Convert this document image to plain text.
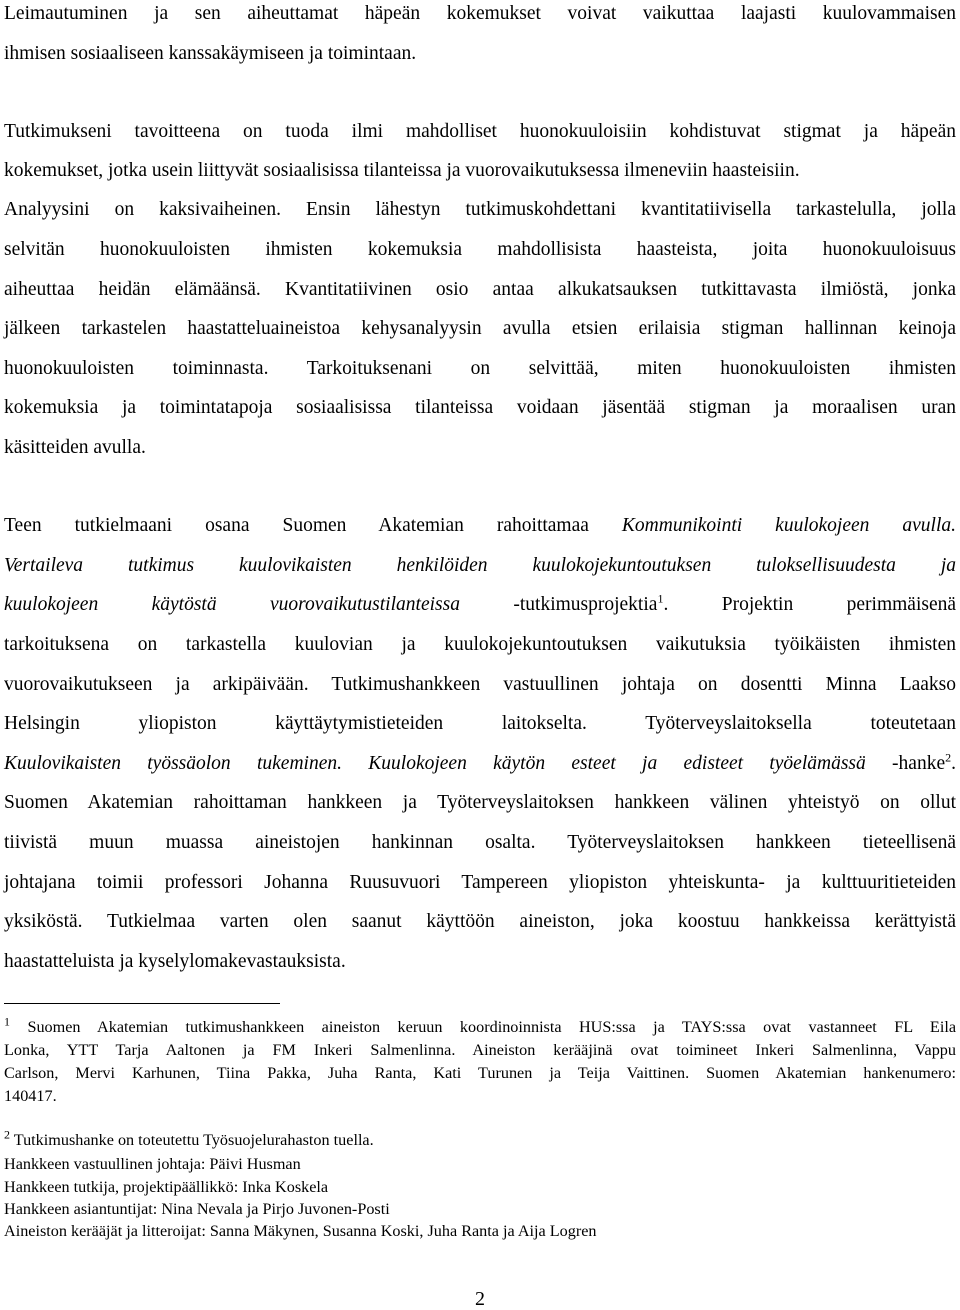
Leimautuminen ja sen aiheuttamat häpeän kokemukset voivat vaikuttaa laajasti kuulovammaisen
ihmisen sosiaaliseen kanssakäymiseen ja toimintaan.
Tutkimukseni tavoitteena on tuoda ilmi mahdolliset huonokuuloisiin kohdistuvat stigmat ja häpeän
kokemukset, jotka usein liittyvät sosiaalisissa tilanteissa ja vuorovaikutuksessa ilmeneviin haasteisiin.
Analyysini on kaksivaiheinen. Ensin lähestyn tutkimuskohdettani kvantitatiivisella tarkastelulla, jolla
selvitän huonokuuloisten ihmisten kokemuksia mahdollisista haasteista, joita huonokuuloisuus
aiheuttaa heidän elämäänsä. Kvantitatiivinen osio antaa alkukatsauksen tutkittavasta ilmiöstä, jonka
jälkeen tarkastelen haastatteluaineistoa kehysanalyysin avulla etsien erilaisia stigman hallinnan keinoja
huonokuuloisten toiminnasta. Tarkoituksenani on selvittää, miten huonokuuloisten ihmisten
kokemuksia ja toimintatapoja sosiaalisissa tilanteissa voidaan jäsentää stigman ja moraalisen uran
käsitteiden avulla.
Teen tutkielmaani osana Suomen Akatemian rahoittamaa Kommunikointi kuulokojeen avulla.
Vertaileva tutkimus kuulovikaisten henkilöiden kuulokojekuntoutuksen tuloksellisuudesta ja
kuulokojeen käytöstä vuorovaikutustilanteissa -tutkimusprojektia$^1$. Projektin perimmäisenä
tarkoituksena on tarkastella kuulovian ja kuulokojekuntoutuksen vaikutuksia työikäisten ihmisten
vuorovaikutukseen ja arkipäivään. Tutkimushankkeen vastuullinen johtaja on dosentti Minna Laakso
Helsingin yliopiston käyttäytymistieteiden laitokselta. Työterveyslaitoksella toteutetaan
Kuulovikaisten työssäolon tukeminen. Kuulokojeen käytön esteet ja edisteet työelämässä -hanke$^2$.
Suomen Akatemian rahoittaman hankkeen ja Työterveyslaitoksen hankkeen välinen yhteistyö on ollut
tiivistä muun muassa aineistojen hankinnan osalta. Työterveyslaitoksen hankkeen tieteellisenä
johtajana toimii professori Johanna Ruusuvuori Tampereen yliopiston yhteiskunta- ja kulttuuritieteiden
yksiköstä. Tutkielmaa varten olen saanut käyttöön aineiston, joka koostuu hankkeissa kerättyistä
haastatteluista ja kyselylomakevastauksista.
$^1$ Suomen Akatemian tutkimushankkeen aineiston keruun koordinoinnista HUS:ssa ja TAYS:ssa ovat vastanneet FL Eila
Lonka, YTT Tarja Aaltonen ja FM Inkeri Salmenlinna. Aineiston kerääjinä ovat toimineet Inkeri Salmenlinna, Vappu
Carlson, Mervi Karhunen, Tiina Pakka, Juha Ranta, Kati Turunen ja Teija Vaittinen. Suomen Akatemian hankenumero:
140417.
$^2$ Tutkimushanke on toteutettu Työsuojelurahaston tuella.
Hankkeen vastuullinen johtaja: Päivi Husman
Hankkeen tutkija, projektipäällikkö: Inka Koskela
Hankkeen asiantuntijat: Nina Nevala ja Pirjo Juvonen-Posti
Aineiston kerääjät ja litteroijat: Sanna Mäkynen, Susanna Koski, Juha Ranta ja Aija Logren
2
